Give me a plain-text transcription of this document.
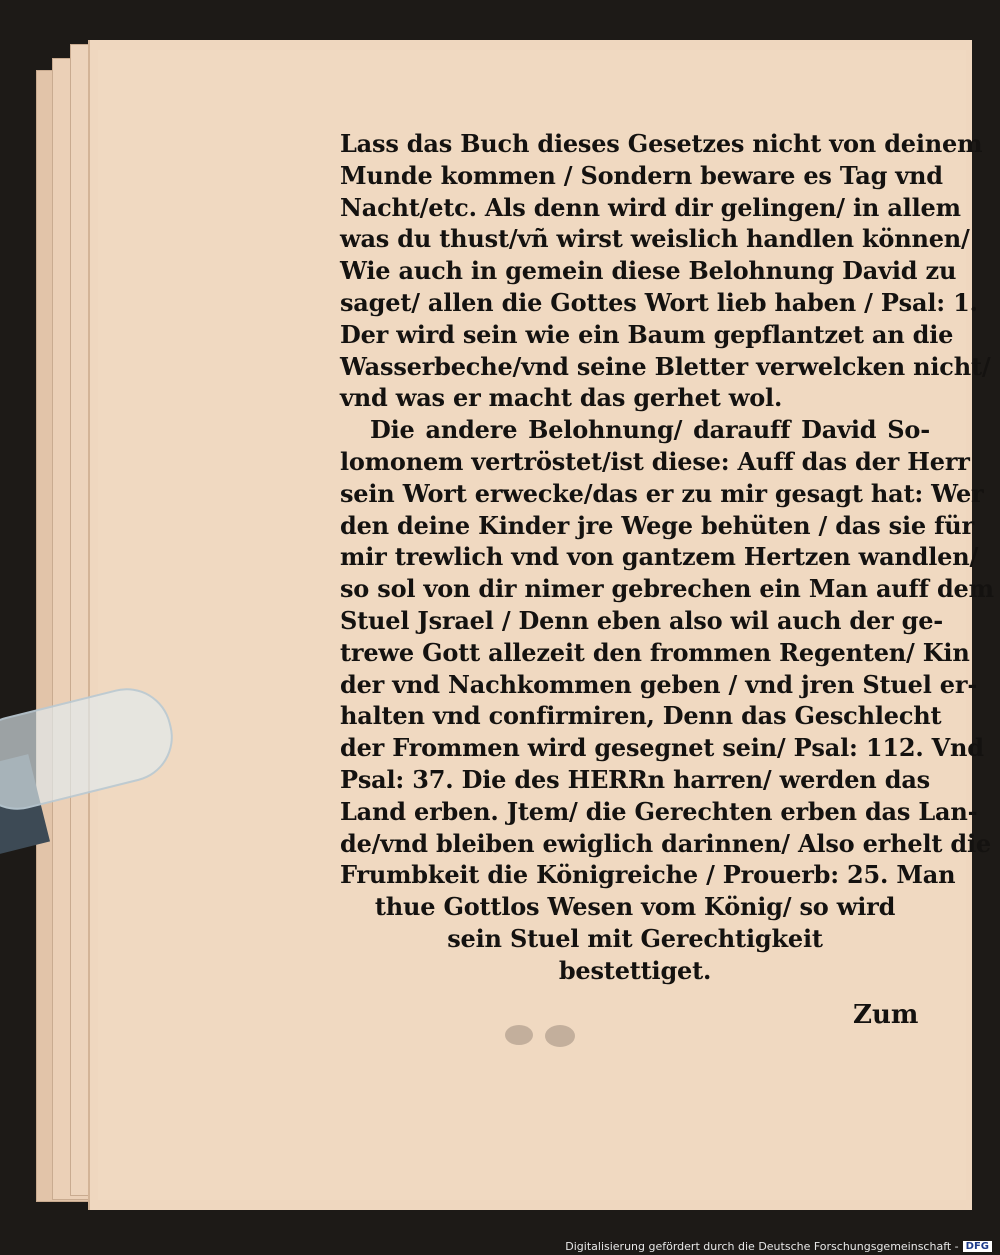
Lass das Buch dieses Gesetzes nicht von deinem
Munde kommen / Sondern beware es Tag vnd
Nacht/etc. Als denn wird dir gelingen/ in allem
was du thust/vñ wirst weislich handlen können/
Wie auch in gemein diese Belohnung David zu
saget/ allen die Gottes Wort lieb haben / Psal: 1.
Der wird sein wie ein Baum gepflantzet an die
Wasserbeche/vnd seine Bletter verwelcken nicht/
vnd was er macht das gerhet wol.
Die andere Belohnung/ darauff David So-
lomonem vertröstet/ist diese: Auff das der Herr
sein Wort erwecke/das er zu mir gesagt hat: Wer
den deine Kinder jre Wege behüten / das sie für
mir trewlich vnd von gantzem Hertzen wandlen/
so sol von dir nimer gebrechen ein Man auff dem
Stuel Jsrael / Denn eben also wil auch der ge-
trewe Gott allezeit den frommen Regenten/ Kin
der vnd Nachkommen geben / vnd jren Stuel er-
halten vnd confirmiren, Denn das Geschlecht
der Frommen wird gesegnet sein/ Psal: 112. Vnd
Psal: 37. Die des HERRn harren/ werden das
Land erben. Jtem/ die Gerechten erben das Lan-
de/vnd bleiben ewiglich darinnen/ Also erhelt die
Frumbkeit die Königreiche / Prouerb: 25. Man
thue Gottlos Wesen vom König/ so wird
sein Stuel mit Gerechtigkeit
bestettiget.
Zum
Digitalisierung gefördert durch die Deutsche Forschungsgemeinschaft - DFG
